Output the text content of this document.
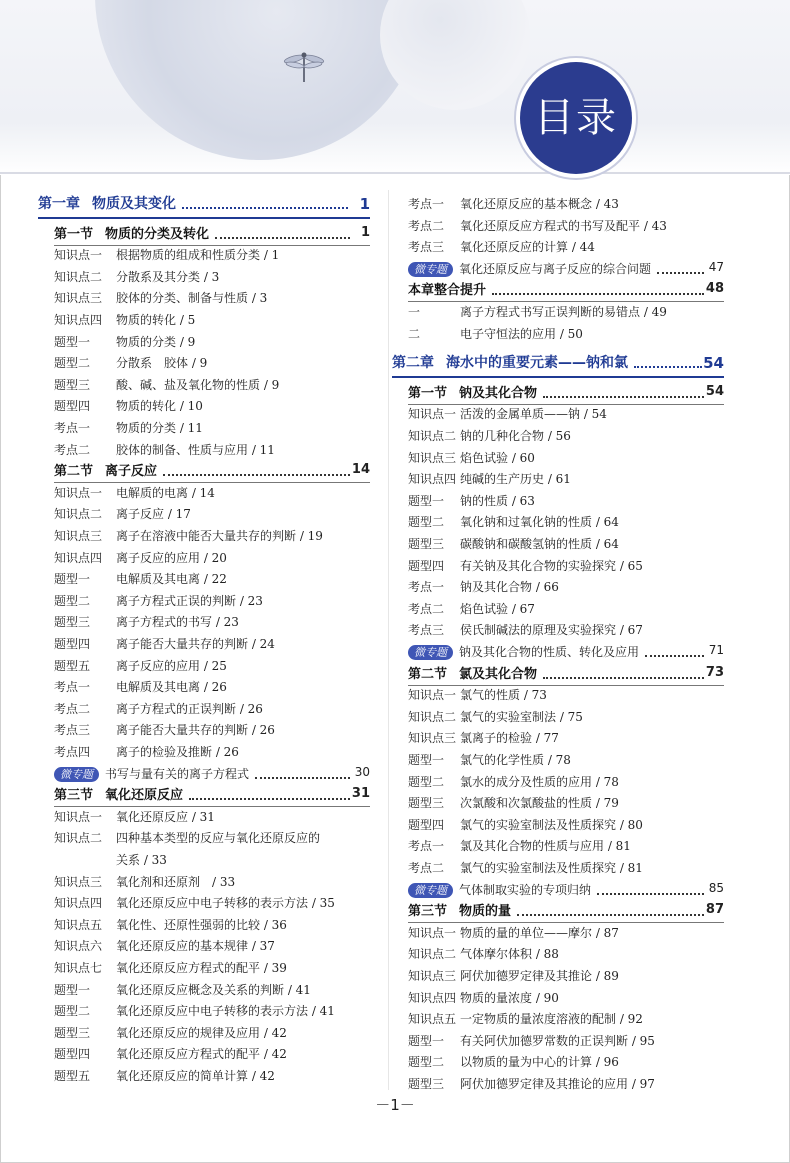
目录
第一章 物质及其变化	1
第一节 物质的分类及转化	1
知识点一 根据物质的组成和性质分类 / 1
知识点二 分散系及其分类 / 3
知识点三 胶体的分类、制备与性质 / 3
知识点四 物质的转化 / 5
题型一 物质的分类 / 9
题型二 分散系　胶体 / 9
题型三 酸、碱、盐及氧化物的性质 / 9
题型四 物质的转化 / 10
考点一 物质的分类 / 11
考点二 胶体的制备、性质与应用 / 11
第二节 离子反应	14
知识点一 电解质的电离 / 14
知识点二 离子反应 / 17
知识点三 离子在溶液中能否大量共存的判断 / 19
知识点四 离子反应的应用 / 20
题型一 电解质及其电离 / 22
题型二 离子方程式正误的判断 / 23
题型三 离子方程式的书写 / 23
题型四 离子能否大量共存的判断 / 24
题型五 离子反应的应用 / 25
考点一 电解质及其电离 / 26
考点二 离子方程式的正误判断 / 26
考点三 离子能否大量共存的判断 / 26
考点四 离子的检验及推断 / 26
微专题 书写与量有关的离子方程式	30
第三节 氧化还原反应	31
知识点一 氧化还原反应 / 31
知识点二 四种基本类型的反应与氧化还原反应的
关系 / 33
知识点三 氧化剂和还原剂　/ 33
知识点四 氧化还原反应中电子转移的表示方法 / 35
知识点五 氧化性、还原性强弱的比较 / 36
知识点六 氧化还原反应的基本规律 / 37
知识点七 氧化还原反应方程式的配平 / 39
题型一 氧化还原反应概念及关系的判断 / 41
题型二 氧化还原反应中电子转移的表示方法 / 41
题型三 氧化还原反应的规律及应用 / 42
题型四 氧化还原反应方程式的配平 / 42
题型五 氧化还原反应的简单计算 / 42
考点一 氧化还原反应的基本概念 / 43
考点二 氧化还原反应方程式的书写及配平 / 43
考点三 氧化还原反应的计算 / 44
微专题 氧化还原反应与离子反应的综合问题	47
本章整合提升	48
一	离子方程式书写正误判断的易错点 / 49
二	电子守恒法的应用 / 50
第二章 海水中的重要元素——钠和氯	54
第一节 钠及其化合物	54
知识点一 活泼的金属单质——钠 / 54
知识点二 钠的几种化合物 / 56
知识点三 焰色试验 / 60
知识点四 纯碱的生产历史 / 61
题型一 钠的性质 / 63
题型二 氧化钠和过氧化钠的性质 / 64
题型三 碳酸钠和碳酸氢钠的性质 / 64
题型四 有关钠及其化合物的实验探究 / 65
考点一 钠及其化合物 / 66
考点二 焰色试验 / 67
考点三 侯氏制碱法的原理及实验探究 / 67
微专题 钠及其化合物的性质、转化及应用	71
第二节 氯及其化合物	73
知识点一 氯气的性质 / 73
知识点二 氯气的实验室制法 / 75
知识点三 氯离子的检验 / 77
题型一 氯气的化学性质 / 78
题型二 氯水的成分及性质的应用 / 78
题型三 次氯酸和次氯酸盐的性质 / 79
题型四 氯气的实验室制法及性质探究 / 80
考点一 氯及其化合物的性质与应用 / 81
考点二 氯气的实验室制法及性质探究 / 81
微专题 气体制取实验的专项归纳	85
第三节 物质的量	87
知识点一 物质的量的单位——摩尔 / 87
知识点二 气体摩尔体积 / 88
知识点三 阿伏加德罗定律及其推论 / 89
知识点四 物质的量浓度 / 90
知识点五 一定物质的量浓度溶液的配制 / 92
题型一 有关阿伏加德罗常数的正误判断 / 95
题型二 以物质的量为中心的计算 / 96
题型三 阿伏加德罗定律及其推论的应用 / 97
－1－
